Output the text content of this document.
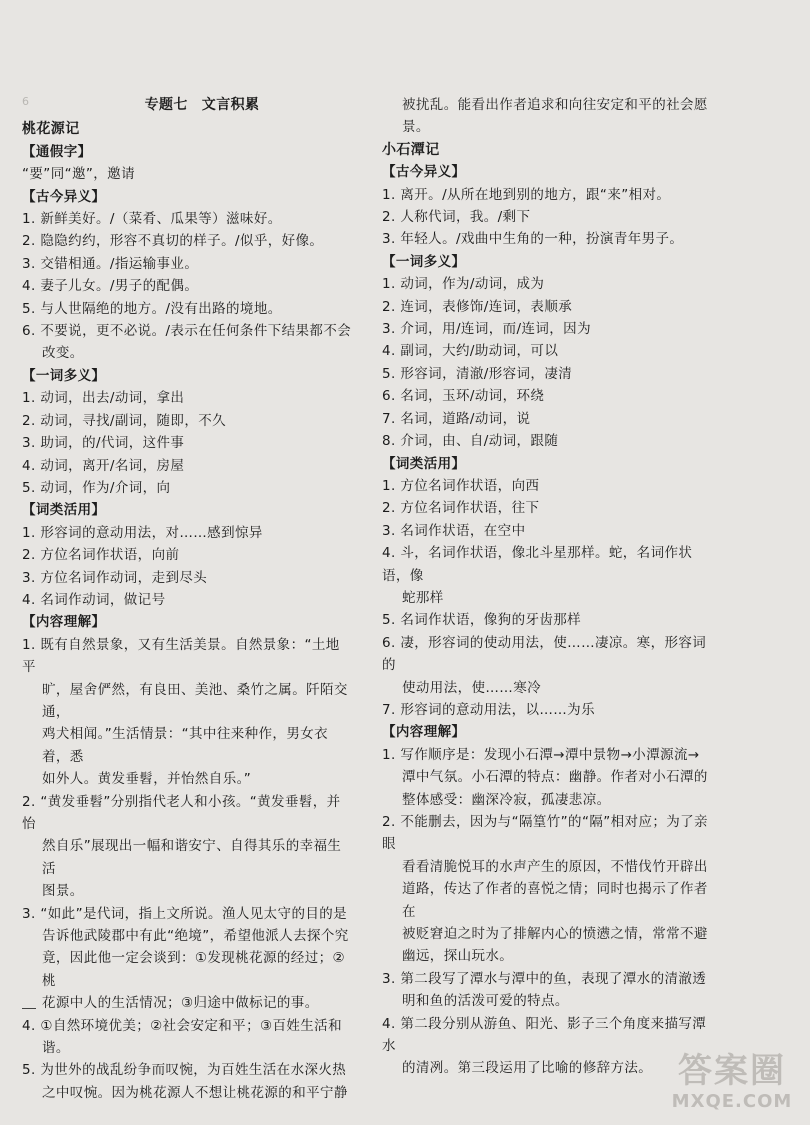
6	专题七 文言积累
桃花源记
【通假字】
“要”同“邀”，邀请
【古今异义】
1. 新鲜美好。/（菜肴、瓜果等）滋味好。
2. 隐隐约约，形容不真切的样子。/似乎，好像。
3. 交错相通。/指运输事业。
4. 妻子儿女。/男子的配偶。
5. 与人世隔绝的地方。/没有出路的境地。
6. 不要说，更不必说。/表示在任何条件下结果都不会
改变。
【一词多义】
1. 动词，出去/动词，拿出
2. 动词，寻找/副词，随即，不久
3. 助词，的/代词，这件事
4. 动词，离开/名词，房屋
5. 动词，作为/介词，向
【词类活用】
1. 形容词的意动用法，对……感到惊异
2. 方位名词作状语，向前
3. 方位名词作动词，走到尽头
4. 名词作动词，做记号
【内容理解】
1. 既有自然景象，又有生活美景。自然景象：“土地平
旷，屋舍俨然，有良田、美池、桑竹之属。阡陌交通，
鸡犬相闻。”生活情景：“其中往来种作，男女衣着，悉
如外人。黄发垂髫，并怡然自乐。”
2. “黄发垂髫”分别指代老人和小孩。“黄发垂髫，并怡
然自乐”展现出一幅和谐安宁、自得其乐的幸福生活
图景。
3. “如此”是代词，指上文所说。渔人见太守的目的是
告诉他武陵郡中有此“绝境”，希望他派人去探个究
竟，因此他一定会谈到：①发现桃花源的经过；②桃
花源中人的生活情况；③归途中做标记的事。
4. ①自然环境优美；②社会安定和平；③百姓生活和
谐。
5. 为世外的战乱纷争而叹惋，为百姓生活在水深火热
之中叹惋。因为桃花源人不想让桃花源的和平宁静
被扰乱。能看出作者追求和向往安定和平的社会愿
景。
小石潭记
【古今异义】
1. 离开。/从所在地到别的地方，跟“来”相对。
2. 人称代词，我。/剩下
3. 年轻人。/戏曲中生角的一种，扮演青年男子。
【一词多义】
1. 动词，作为/动词，成为
2. 连词，表修饰/连词，表顺承
3. 介词，用/连词，而/连词，因为
4. 副词，大约/助动词，可以
5. 形容词，清澈/形容词，凄清
6. 名词，玉环/动词，环绕
7. 名词，道路/动词，说
8. 介词，由、自/动词，跟随
【词类活用】
1. 方位名词作状语，向西
2. 方位名词作状语，往下
3. 名词作状语，在空中
4. 斗，名词作状语，像北斗星那样。蛇，名词作状语，像
蛇那样
5. 名词作状语，像狗的牙齿那样
6. 凄，形容词的使动用法，使……凄凉。寒，形容词的
使动用法，使……寒冷
7. 形容词的意动用法，以……为乐
【内容理解】
1. 写作顺序是：发现小石潭→潭中景物→小潭源流→
潭中气氛。小石潭的特点：幽静。作者对小石潭的
整体感受：幽深冷寂，孤凄悲凉。
2. 不能删去，因为与“隔篁竹”的“隔”相对应；为了亲眼
看看清脆悦耳的水声产生的原因，不惜伐竹开辟出
道路，传达了作者的喜悦之情；同时也揭示了作者在
被贬窘迫之时为了排解内心的愤懑之情，常常不避
幽远，探山玩水。
3. 第二段写了潭水与潭中的鱼，表现了潭水的清澈透
明和鱼的活泼可爱的特点。
4. 第二段分别从游鱼、阳光、影子三个角度来描写潭水
的清冽。第三段运用了比喻的修辞方法。 答案圈
MXQE.COM
